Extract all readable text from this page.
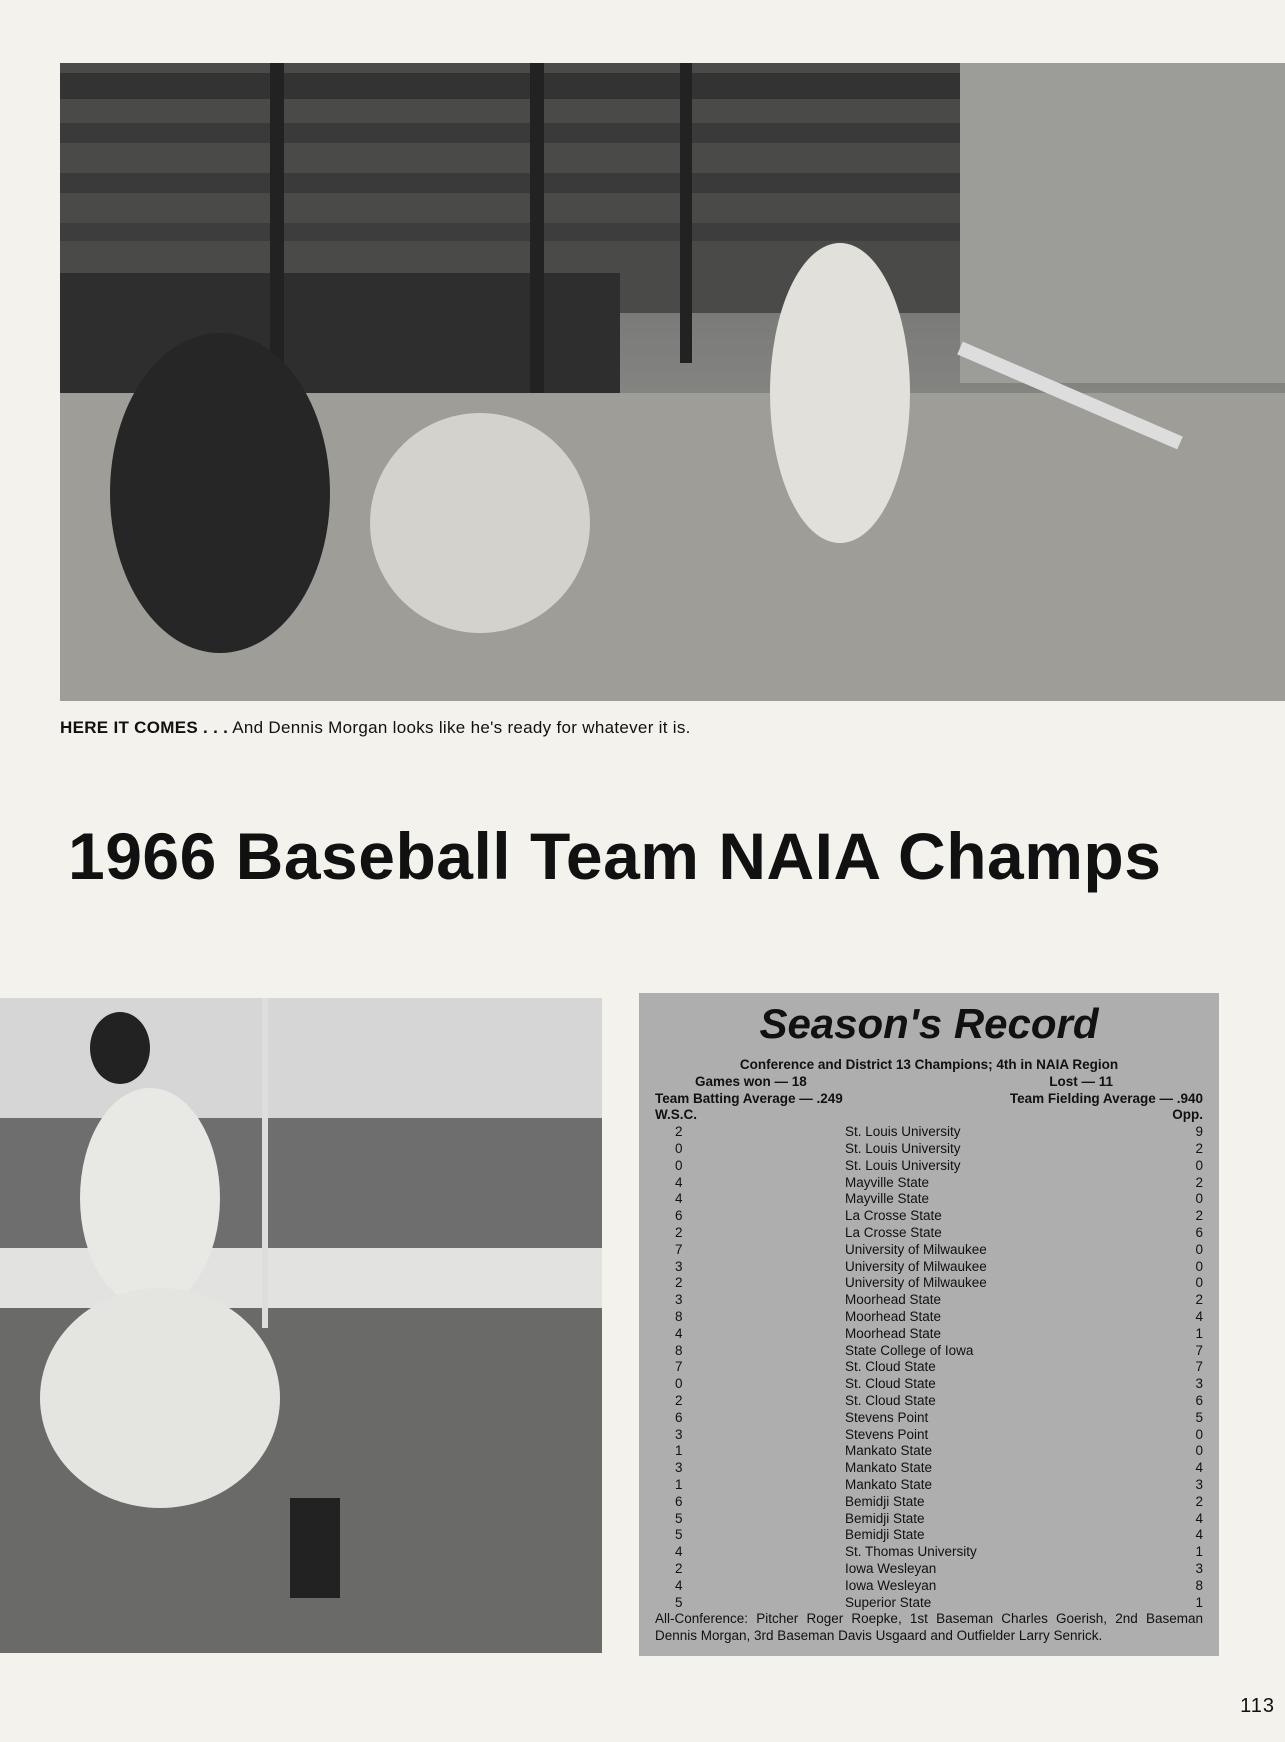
HERE IT COMES . . . And Dennis Morgan looks like he's ready for whatever it is.
1966 Baseball Team NAIA Champs
Season's Record
Conference and District 13 Champions; 4th in NAIA Region
Games won — 18	Lost — 11
Team Batting Average — .249	Team Fielding Average — .940
W.S.C.		Opp.
2	St. Louis University	9
0	St. Louis University	2
0	St. Louis University	0
4	Mayville State	2
4	Mayville State	0
6	La Crosse State	2
2	La Crosse State	6
7	University of Milwaukee	0
3	University of Milwaukee	0
2	University of Milwaukee	0
3	Moorhead State	2
8	Moorhead State	4
4	Moorhead State	1
8	State College of Iowa	7
7	St. Cloud State	7
0	St. Cloud State	3
2	St. Cloud State	6
6	Stevens Point	5
3	Stevens Point	0
1	Mankato State	0
3	Mankato State	4
1	Mankato State	3
6	Bemidji State	2
5	Bemidji State	4
5	Bemidji State	4
4	St. Thomas University	1
2	Iowa Wesleyan	3
4	Iowa Wesleyan	8
5	Superior State	1
All-Conference: Pitcher Roger Roepke, 1st Baseman Charles Goerish, 2nd Baseman Dennis Morgan, 3rd Baseman Davis Usgaard and Outfielder Larry Senrick.
113
